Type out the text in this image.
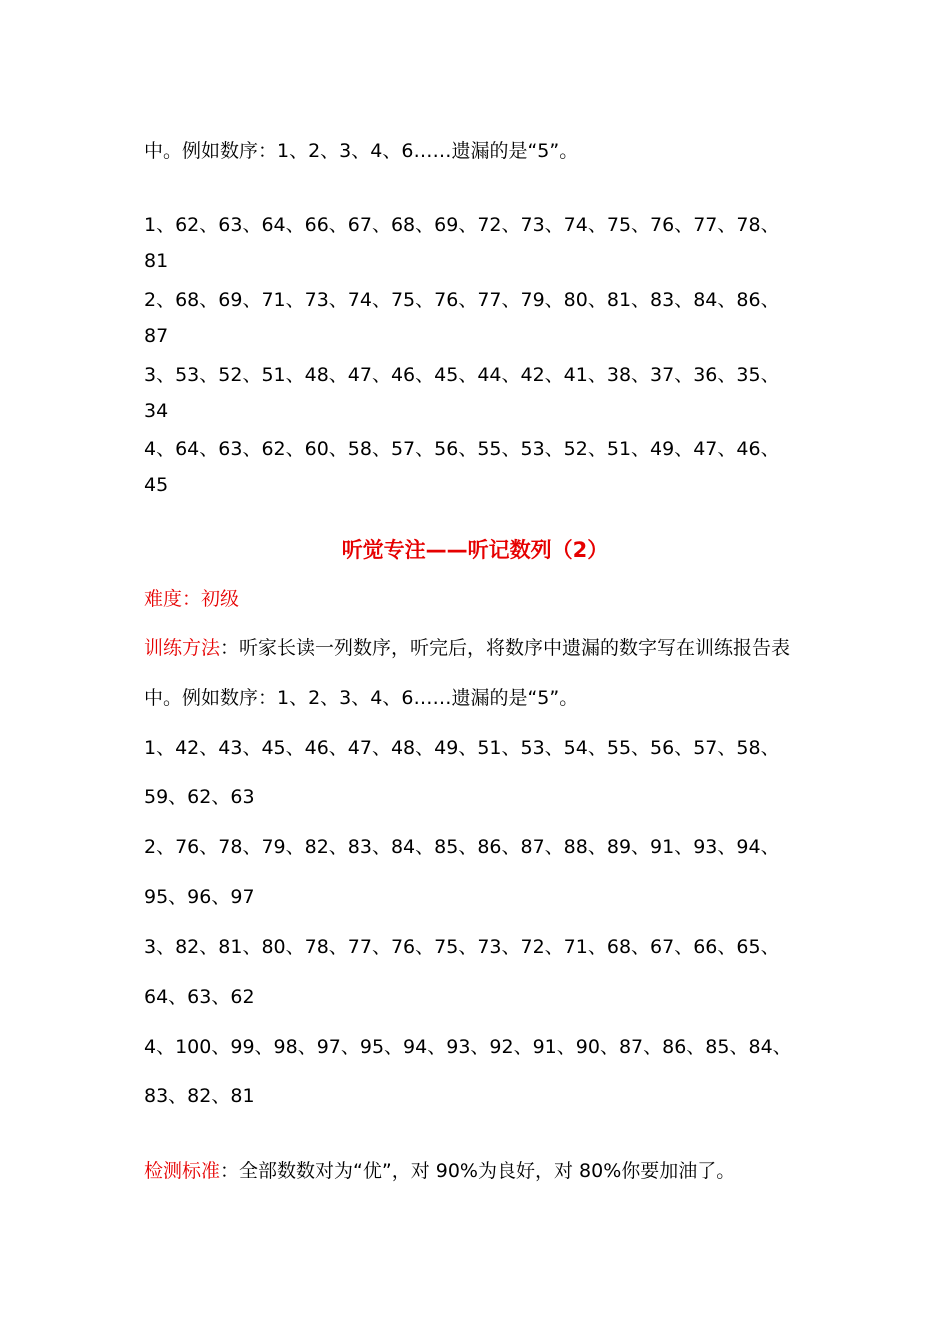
中。例如数序：1、2、3、4、6……遗漏的是“5”。
1、62、63、64、66、67、68、69、72、73、74、75、76、77、78、
81
2、68、69、71、73、74、75、76、77、79、80、81、83、84、86、
87
3、53、52、51、48、47、46、45、44、42、41、38、37、36、35、
34
4、64、63、62、60、58、57、56、55、53、52、51、49、47、46、
45
听觉专注——听记数列（2）
难度：初级
训练方法：听家长读一列数序，听完后，将数序中遗漏的数字写在训练报告表
中。例如数序：1、2、3、4、6……遗漏的是“5”。
1、42、43、45、46、47、48、49、51、53、54、55、56、57、58、
59、62、63
2、76、78、79、82、83、84、85、86、87、88、89、91、93、94、
95、96、97
3、82、81、80、78、77、76、75、73、72、71、68、67、66、65、
64、63、62
4、100、99、98、97、95、94、93、92、91、90、87、86、85、84、
83、82、81
检测标准：全部数数对为“优”，对 90%为良好，对 80%你要加油了。
